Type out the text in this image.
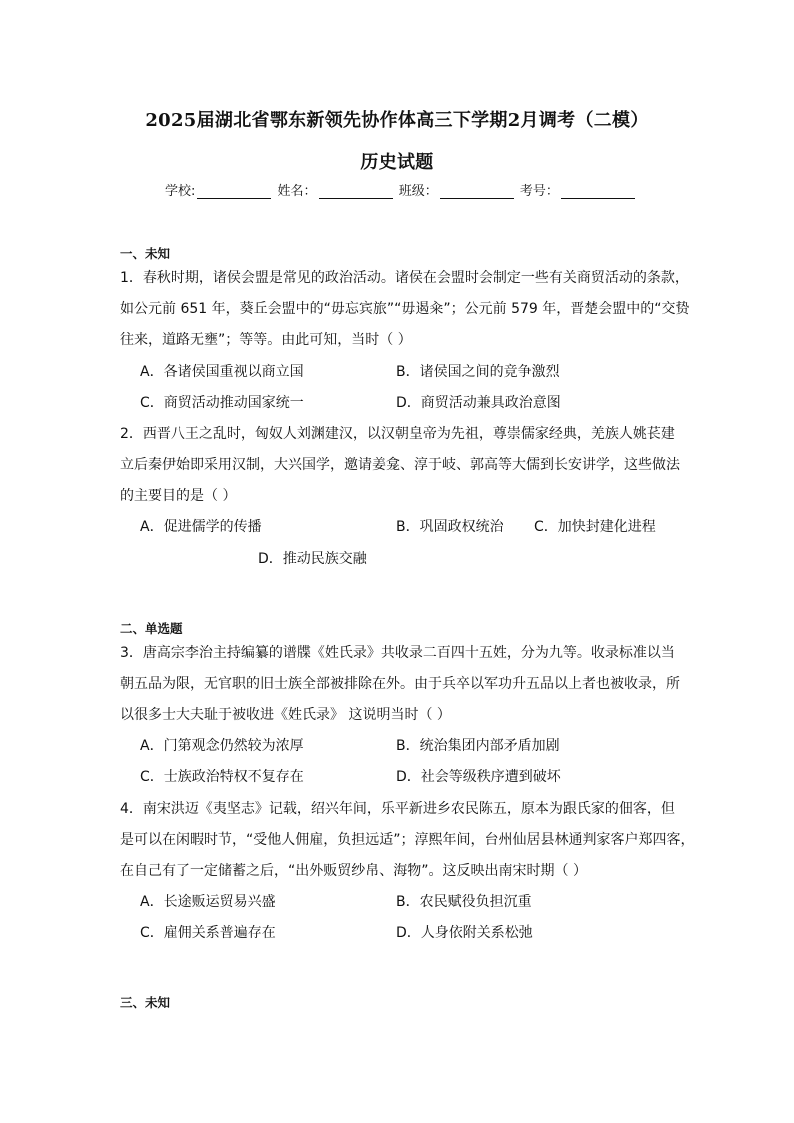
2025届湖北省鄂东新领先协作体高三下学期2月调考（二模）
历史试题
学校:	姓名：	班级：	考号：
一、未知
1．春秋时期，诸侯会盟是常见的政治活动。诸侯在会盟时会制定一些有关商贸活动的条款，
如公元前 651 年，葵丘会盟中的“毋忘宾旅”“毋遏籴”；公元前 579 年，晋楚会盟中的“交贽
往来，道路无壅”；等等。由此可知，当时（ ）
A．各诸侯国重视以商立国	B．诸侯国之间的竞争激烈
C．商贸活动推动国家统一	D．商贸活动兼具政治意图
2．西晋八王之乱时，匈奴人刘渊建汉，以汉朝皇帝为先祖，尊崇儒家经典，羌族人姚苌建
立后秦伊始即采用汉制，大兴国学，邀请姜龛、淳于岐、郭高等大儒到长安讲学，这些做法
的主要目的是（ ）
A．促进儒学的传播	B．巩固政权统治 C．加快封建化进程
D．推动民族交融
二、单选题
3．唐高宗李治主持编纂的谱牒《姓氏录》共收录二百四十五姓，分为九等。收录标准以当
朝五品为限，无官职的旧士族全部被排除在外。由于兵卒以军功升五品以上者也被收录，所
以很多士大夫耻于被收进《姓氏录》 这说明当时（ ）
A．门第观念仍然较为浓厚	B．统治集团内部矛盾加剧
C．士族政治特权不复存在	D．社会等级秩序遭到破坏
4．南宋洪迈《夷坚志》记载，绍兴年间，乐平新进乡农民陈五，原本为跟氏家的佃客，但
是可以在闲暇时节，“受他人佣雇，负担远适”；淳熙年间，台州仙居县林通判家客户郑四客，
在自己有了一定储蓄之后，“出外贩贸纱帛、海物”。这反映出南宋时期（ ）
A．长途贩运贸易兴盛	B．农民赋役负担沉重
C．雇佣关系普遍存在	D．人身依附关系松弛
三、未知
